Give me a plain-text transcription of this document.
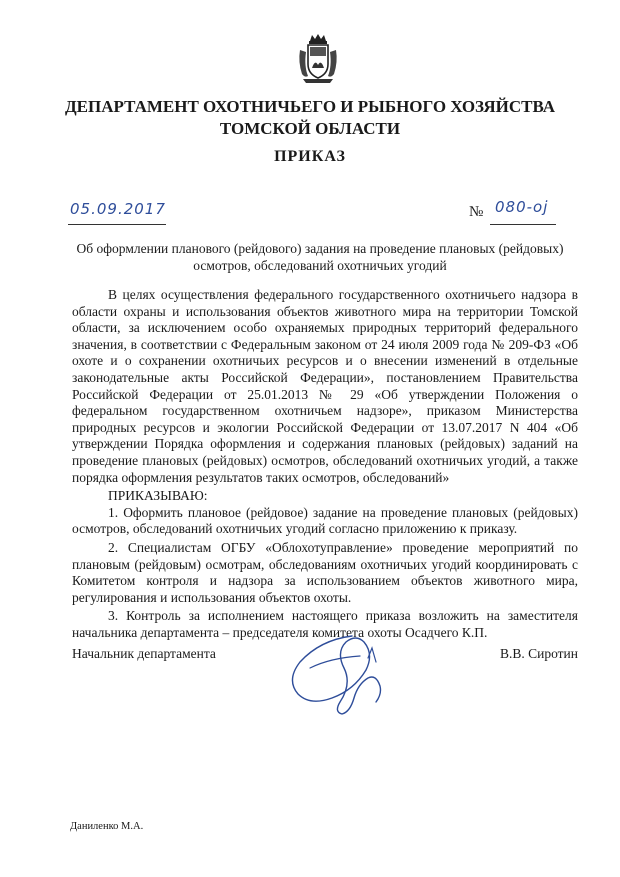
ДЕПАРТАМЕНТ ОХОТНИЧЬЕГО И РЫБНОГО ХОЗЯЙСТВА
ТОМСКОЙ ОБЛАСТИ
ПРИКАЗ
05.09.2017	№ 080-ој
Об оформлении планового (рейдового) задания на проведение плановых (рейдовых)
осмотров, обследований охотничьих угодий

В целях осуществления федерального государственного охотничьего надзора в области охраны и использования объектов животного мира на территории Томской области, за исключением особо охраняемых природных территорий федерального значения, в соответствии с Федеральным законом от 24 июля 2009 года № 209-ФЗ «Об охоте и о сохранении охотничьих ресурсов и о внесении изменений в отдельные законодательные акты Российской Федерации», постановлением Правительства Российской Федерации от 25.01.2013 № 29 «Об утверждении Положения о федеральном государственном охотничьем надзоре», приказом Министерства природных ресурсов и экологии Российской Федерации от 13.07.2017 N 404 «Об утверждении Порядка оформления и содержания плановых (рейдовых) заданий на проведение плановых (рейдовых) осмотров, обследований охотничьих угодий, а также порядка оформления результатов таких осмотров, обследований»

ПРИКАЗЫВАЮ:

1. Оформить плановое (рейдовое) задание на проведение плановых (рейдовых) осмотров, обследований охотничьих угодий согласно приложению к приказу.

2. Специалистам ОГБУ «Облохотуправление» проведение мероприятий по плановым (рейдовым) осмотрам, обследованиям охотничьих угодий координировать с Комитетом контроля и надзора за использованием объектов животного мира, регулирования и использования объектов охоты.

3. Контроль за исполнением настоящего приказа возложить на заместителя начальника департамента – председателя комитета охоты Осадчего К.П.

Начальник департамента	В.В. Сиротин
Даниленко М.А.
